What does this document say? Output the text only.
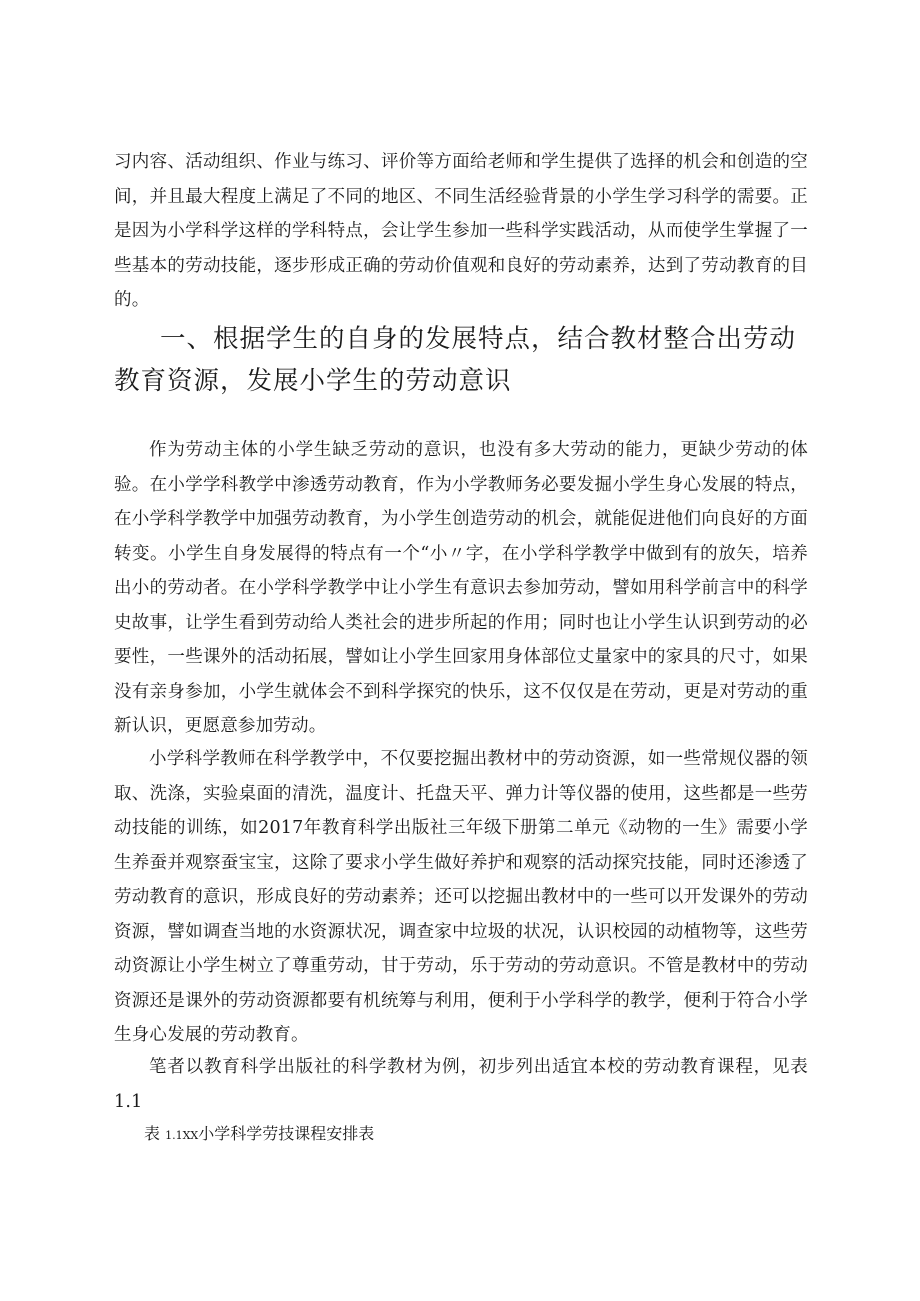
习内容、活动组织、作业与练习、评价等方面给老师和学生提供了选择的机会和创造的空间，并且最大程度上满足了不同的地区、不同生活经验背景的小学生学习科学的需要。正是因为小学科学这样的学科特点，会让学生参加一些科学实践活动，从而使学生掌握了一些基本的劳动技能，逐步形成正确的劳动价值观和良好的劳动素养，达到了劳动教育的目的。

一、根据学生的自身的发展特点，结合教材整合出劳动教育资源，发展小学生的劳动意识

作为劳动主体的小学生缺乏劳动的意识，也没有多大劳动的能力，更缺少劳动的体验。在小学学科教学中渗透劳动教育，作为小学教师务必要发掘小学生身心发展的特点，在小学科学教学中加强劳动教育，为小学生创造劳动的机会，就能促进他们向良好的方面转变。小学生自身发展得的特点有一个“小〃字，在小学科学教学中做到有的放矢，培养出小的劳动者。在小学科学教学中让小学生有意识去参加劳动，譬如用科学前言中的科学史故事，让学生看到劳动给人类社会的进步所起的作用；同时也让小学生认识到劳动的必要性，一些课外的活动拓展，譬如让小学生回家用身体部位丈量家中的家具的尺寸，如果没有亲身参加，小学生就体会不到科学探究的快乐，这不仅仅是在劳动，更是对劳动的重新认识，更愿意参加劳动。

小学科学教师在科学教学中，不仅要挖掘出教材中的劳动资源，如一些常规仪器的领取、洗涤，实验桌面的清洗，温度计、托盘天平、弹力计等仪器的使用，这些都是一些劳动技能的训练，如2017年教育科学出版社三年级下册第二单元《动物的一生》需要小学生养蚕并观察蚕宝宝，这除了要求小学生做好养护和观察的活动探究技能，同时还渗透了劳动教育的意识，形成良好的劳动素养；还可以挖掘出教材中的一些可以开发课外的劳动资源，譬如调查当地的水资源状况，调查家中垃圾的状况，认识校园的动植物等，这些劳动资源让小学生树立了尊重劳动，甘于劳动，乐于劳动的劳动意识。不管是教材中的劳动资源还是课外的劳动资源都要有机统筹与利用，便利于小学科学的教学，便利于符合小学生身心发展的劳动教育。

笔者以教育科学出版社的科学教材为例，初步列出适宜本校的劳动教育课程，见表1.1

表 1.1XX小学科学劳技课程安排表
